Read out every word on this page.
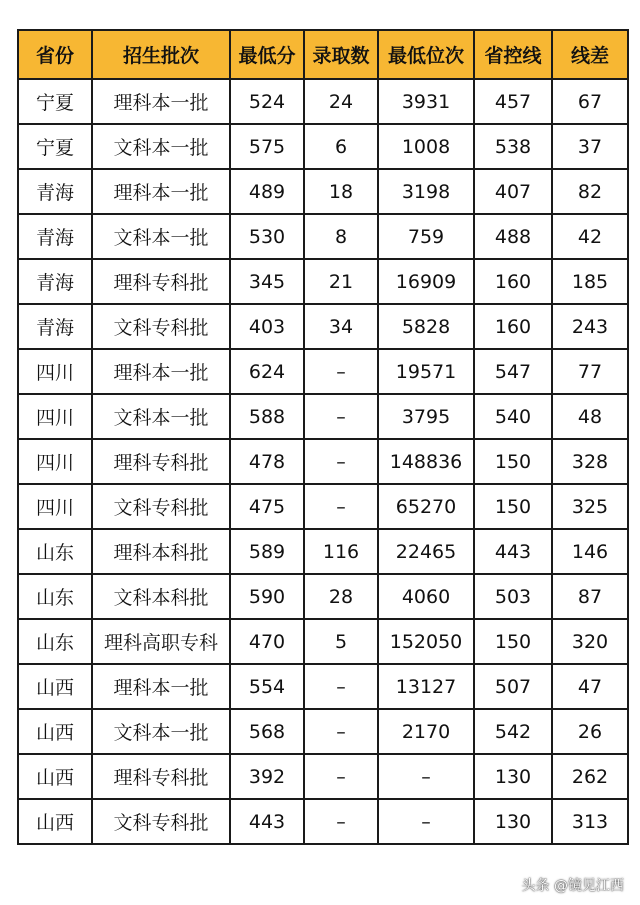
省份	招生批次	最低分	录取数	最低位次	省控线	线差
宁夏	理科本一批	524	24	3931	457	67
宁夏	文科本一批	575	6	1008	538	37
青海	理科本一批	489	18	3198	407	82
青海	文科本一批	530	8	759	488	42
青海	理科专科批	345	21	16909	160	185
青海	文科专科批	403	34	5828	160	243
四川	理科本一批	624	–	19571	547	77
四川	文科本一批	588	–	3795	540	48
四川	理科专科批	478	–	148836	150	328
四川	文科专科批	475	–	65270	150	325
山东	理科本科批	589	116	22465	443	146
山东	文科本科批	590	28	4060	503	87
山东	理科高职专科	470	5	152050	150	320
山西	理科本一批	554	–	13127	507	47
山西	文科本一批	568	–	2170	542	26
山西	理科专科批	392	–	–	130	262
山西	文科专科批	443	–	–	130	313
头条 @镜见江西
